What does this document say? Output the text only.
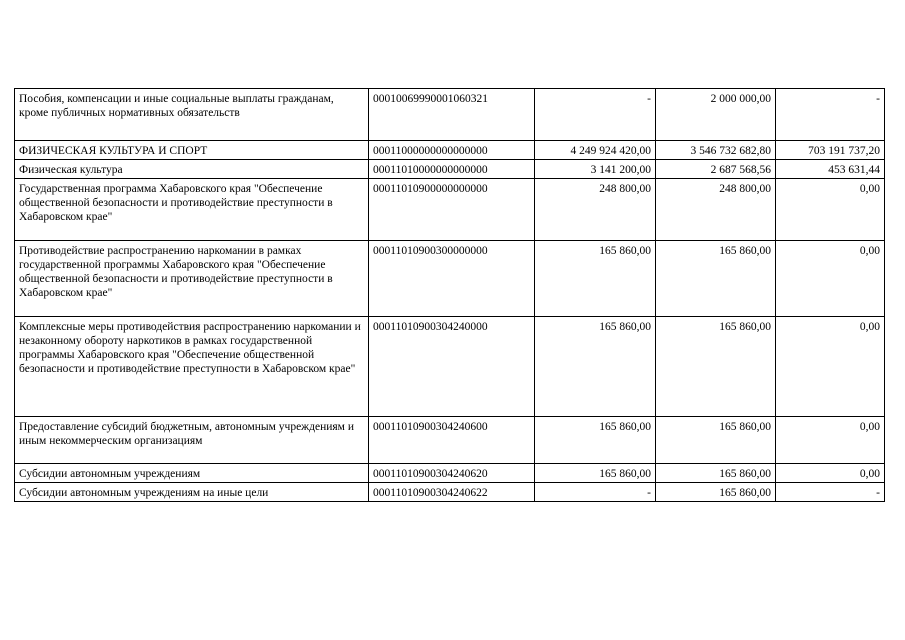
Пособия, компенсации и иные социальные выплаты гражданам, кроме публичных нормативных обязательств	00010069990001060321	-	2 000 000,00	-
ФИЗИЧЕСКАЯ КУЛЬТУРА И СПОРТ	00011000000000000000	4 249 924 420,00	3 546 732 682,80	703 191 737,20
Физическая культура	00011010000000000000	3 141 200,00	2 687 568,56	453 631,44
Государственная программа Хабаровского края "Обеспечение общественной безопасности и противодействие преступности в Хабаровском крае"	00011010900000000000	248 800,00	248 800,00	0,00
Противодействие распространению наркомании в рамках государственной программы Хабаровского края "Обеспечение общественной безопасности и противодействие преступности в Хабаровском крае"	00011010900300000000	165 860,00	165 860,00	0,00
Комплексные меры противодействия распространению наркомании и незаконному обороту наркотиков в рамках государственной программы Хабаровского края "Обеспечение общественной безопасности и противодействие преступности в Хабаровском крае"	00011010900304240000	165 860,00	165 860,00	0,00
Предоставление субсидий бюджетным, автономным учреждениям и иным некоммерческим организациям	00011010900304240600	165 860,00	165 860,00	0,00
Субсидии автономным учреждениям	00011010900304240620	165 860,00	165 860,00	0,00
Субсидии автономным учреждениям на иные цели	00011010900304240622	-	165 860,00	-
